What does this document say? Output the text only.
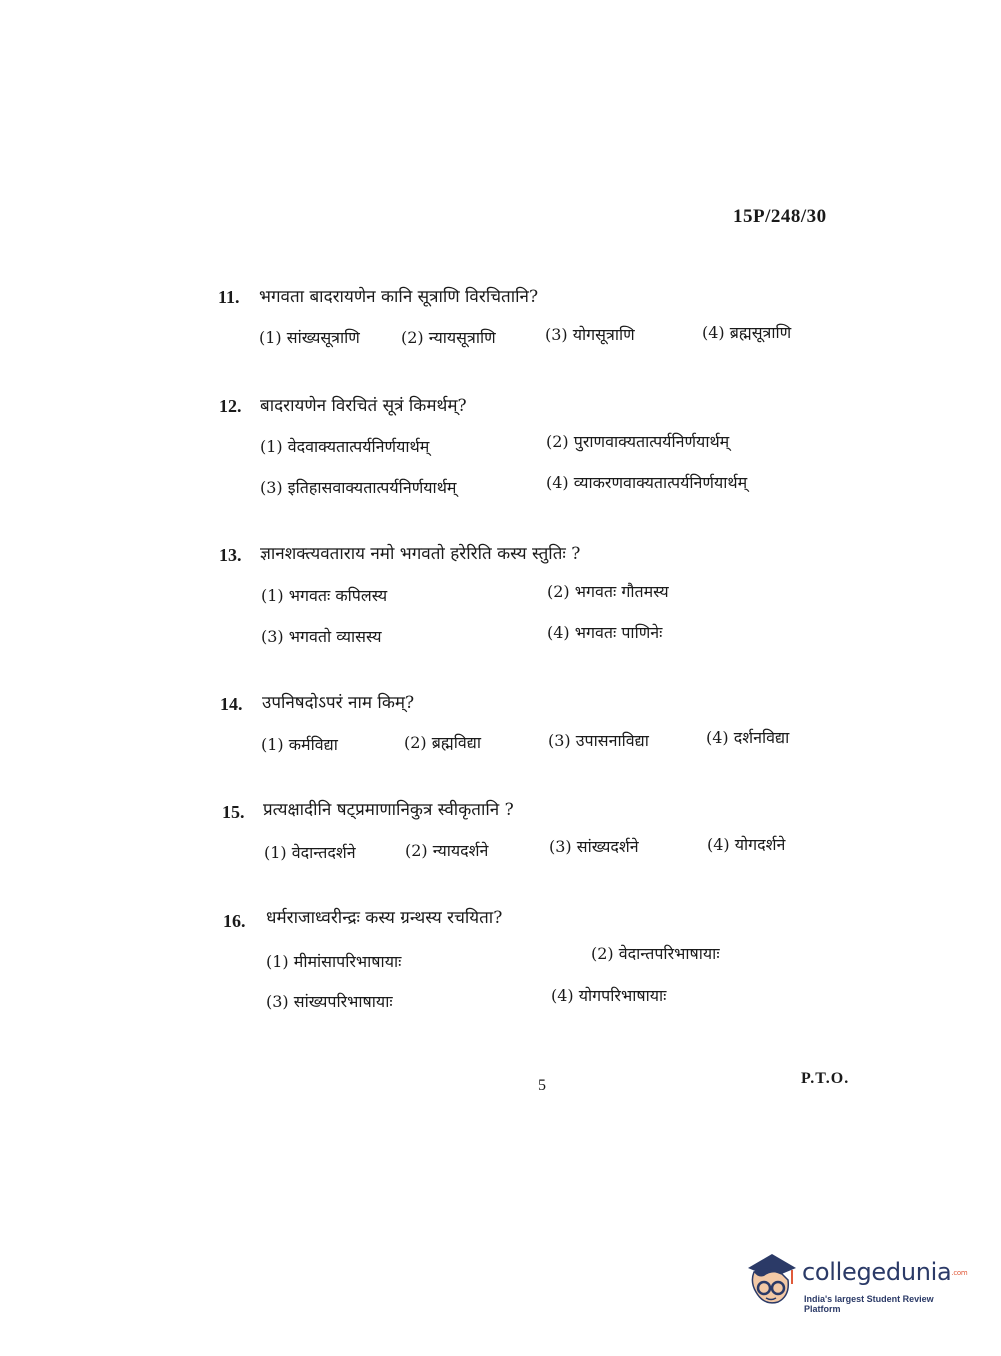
15P/248/30
11. भगवता बादरायणेन कानि सूत्राणि विरचितानि?
(1) सांख्यसूत्राणि	(2) न्यायसूत्राणि	(3) योगसूत्राणि	(4) ब्रह्मसूत्राणि
12. बादरायणेन विरचितं सूत्रं किमर्थम्?
(1) वेदवाक्यतात्पर्यनिर्णयार्थम्	(2) पुराणवाक्यतात्पर्यनिर्णयार्थम्
(3) इतिहासवाक्यतात्पर्यनिर्णयार्थम्	(4) व्याकरणवाक्यतात्पर्यनिर्णयार्थम्
13. ज्ञानशक्त्यवताराय नमो भगवतो हरेरिति कस्य स्तुतिः ?
(1) भगवतः कपिलस्य	(2) भगवतः गौतमस्य
(3) भगवतो व्यासस्य	(4) भगवतः पाणिनेः
14. उपनिषदोऽपरं नाम किम्?
(1) कर्मविद्या	(2) ब्रह्मविद्या	(3) उपासनाविद्या	(4) दर्शनविद्या
15. प्रत्यक्षादीनि षट्प्रमाणानिकुत्र स्वीकृतानि ?
(1) वेदान्तदर्शने	(2) न्यायदर्शने	(3) सांख्यदर्शने	(4) योगदर्शने
16. धर्मराजाध्वरीन्द्रः कस्य ग्रन्थस्य रचयिता?
(1) मीमांसापरिभाषायाः	(2) वेदान्तपरिभाषायाः
(3) सांख्यपरिभाषायाः	(4) योगपरिभाषायाः
5	P.T.O.
collegedunia.com
India's largest Student Review Platform
